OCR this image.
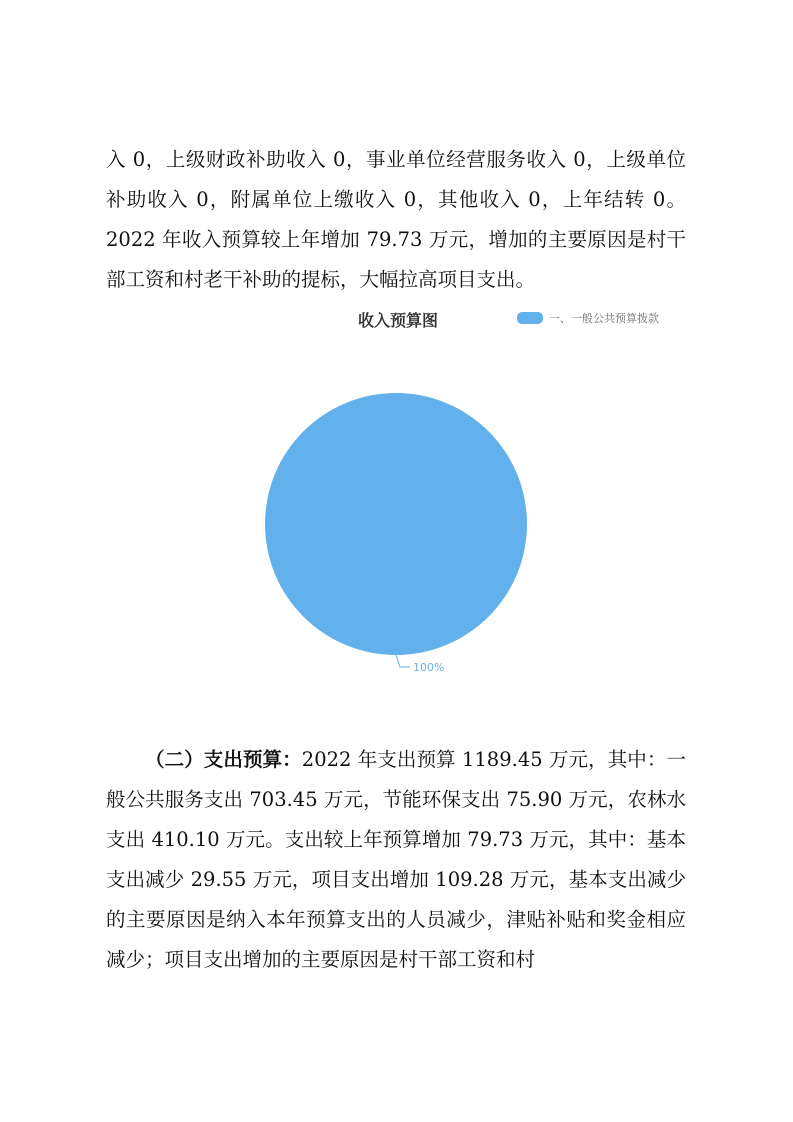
入 0，上级财政补助收入 0，事业单位经营服务收入 0，上级单位补助收入 0，附属单位上缴收入 0，其他收入 0，上年结转 0。2022 年收入预算较上年增加 79.73 万元，增加的主要原因是村干部工资和村老干补助的提标，大幅拉高项目支出。

收入预算图	一、一般公共预算拨款
100%

（二）支出预算：2022 年支出预算 1189.45 万元，其中：一般公共服务支出 703.45 万元，节能环保支出 75.90 万元，农林水支出 410.10 万元。支出较上年预算增加 79.73 万元，其中：基本支出减少 29.55 万元，项目支出增加 109.28 万元，基本支出减少的主要原因是纳入本年预算支出的人员减少，津贴补贴和奖金相应减少；项目支出增加的主要原因是村干部工资和村
